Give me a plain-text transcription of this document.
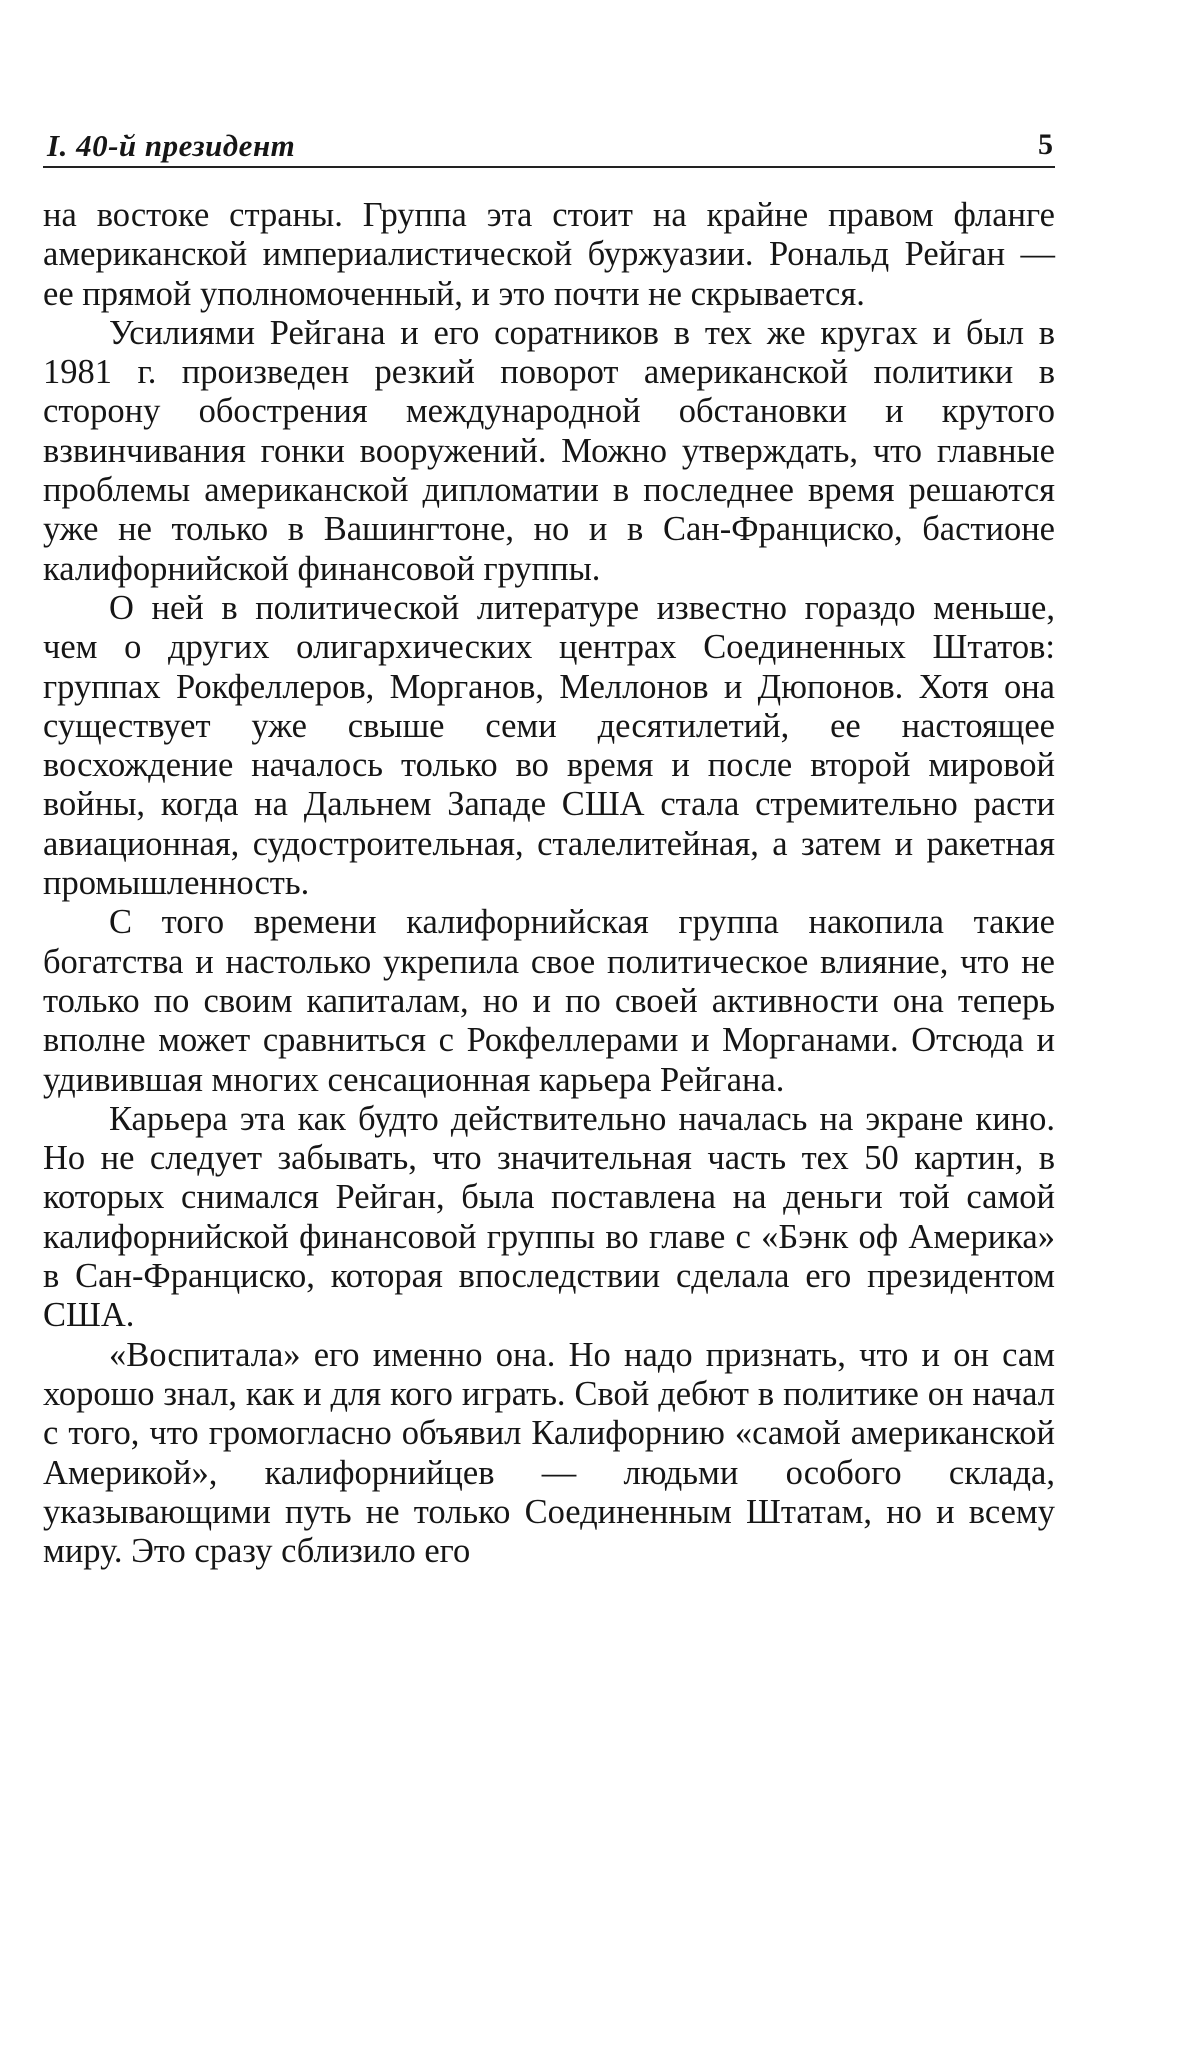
I. 40-й президент	5

на востоке страны. Группа эта стоит на крайне правом фланге американской империалистической буржуазии. Рональд Рейган — ее прямой уполномоченный, и это почти не скрывается.

Усилиями Рейгана и его соратников в тех же кругах и был в 1981 г. произведен резкий поворот американской политики в сторону обострения международной обстановки и крутого взвинчивания гонки вооружений. Можно утверждать, что главные проблемы американской дипломатии в последнее время решаются уже не только в Вашингтоне, но и в Сан-Франциско, бастионе калифорнийской финансовой группы.

О ней в политической литературе известно гораздо меньше, чем о других олигархических центрах Соединенных Штатов: группах Рокфеллеров, Морганов, Меллонов и Дюпонов. Хотя она существует уже свыше семи десятилетий, ее настоящее восхождение началось только во время и после второй мировой войны, когда на Дальнем Западе США стала стремительно расти авиационная, судостроительная, сталелитейная, а затем и ракетная промышленность.

С того времени калифорнийская группа накопила такие богатства и настолько укрепила свое политическое влияние, что не только по своим капиталам, но и по своей активности она теперь вполне может сравниться с Рокфеллерами и Морганами. Отсюда и удивившая многих сенсационная карьера Рейгана.

Карьера эта как будто действительно началась на экране кино. Но не следует забывать, что значительная часть тех 50 картин, в которых снимался Рейган, была поставлена на деньги той самой калифорнийской финансовой группы во главе с «Бэнк оф Америка» в Сан-Франциско, которая впоследствии сделала его президентом США.

«Воспитала» его именно она. Но надо признать, что и он сам хорошо знал, как и для кого играть. Свой дебют в политике он начал с того, что громогласно объявил Калифорнию «самой американской Америкой», калифорнийцев — людьми особого склада, указывающими путь не только Соединенным Штатам, но и всему миру. Это сразу сблизило его
